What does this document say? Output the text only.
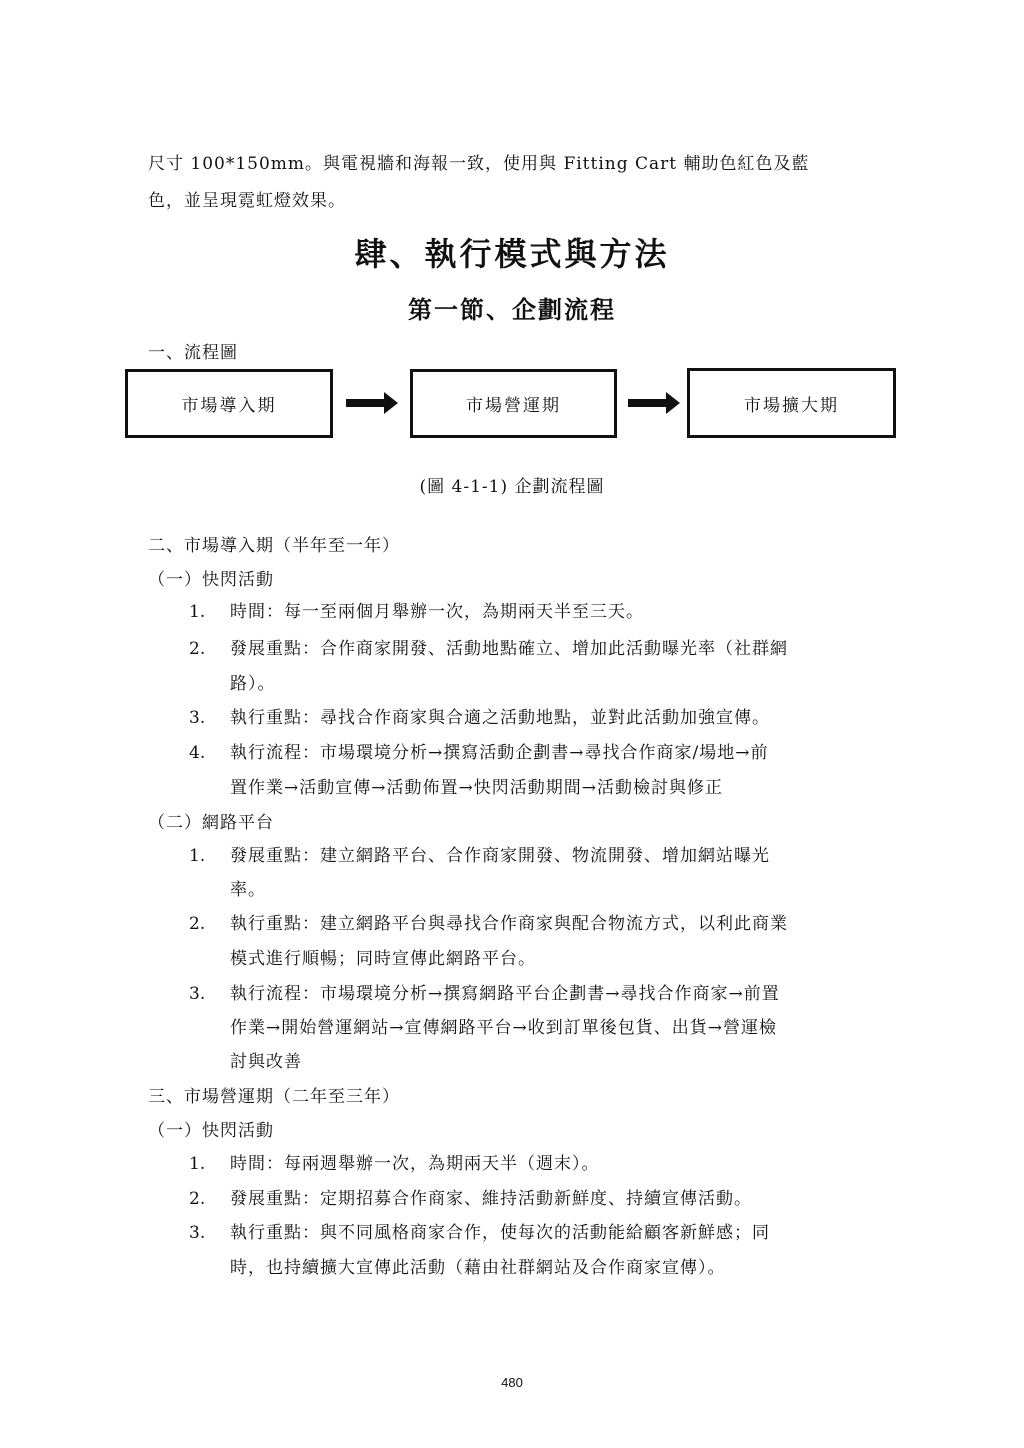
尺寸 100*150mm。與電視牆和海報一致，使用與 Fitting Cart 輔助色紅色及藍
色，並呈現霓虹燈效果。
肆、執行模式與方法
第一節、企劃流程
一、流程圖
市場導入期	市場營運期	市場擴大期
(圖 4-1-1) 企劃流程圖
二、市場導入期（半年至一年）
（一）快閃活動
1. 時間：每一至兩個月舉辦一次，為期兩天半至三天。
2. 發展重點：合作商家開發、活動地點確立、增加此活動曝光率（社群網
路）。
3. 執行重點：尋找合作商家與合適之活動地點，並對此活動加強宣傳。
4. 執行流程：市場環境分析→撰寫活動企劃書→尋找合作商家/場地→前
置作業→活動宣傳→活動佈置→快閃活動期間→活動檢討與修正
（二）網路平台
1. 發展重點：建立網路平台、合作商家開發、物流開發、增加網站曝光
率。
2. 執行重點：建立網路平台與尋找合作商家與配合物流方式，以利此商業
模式進行順暢；同時宣傳此網路平台。
3. 執行流程：市場環境分析→撰寫網路平台企劃書→尋找合作商家→前置
作業→開始營運網站→宣傳網路平台→收到訂單後包貨、出貨→營運檢
討與改善
三、市場營運期（二年至三年）
（一）快閃活動
1. 時間：每兩週舉辦一次，為期兩天半（週末）。
2. 發展重點：定期招募合作商家、維持活動新鮮度、持續宣傳活動。
3. 執行重點：與不同風格商家合作，使每次的活動能給顧客新鮮感；同
時，也持續擴大宣傳此活動（藉由社群網站及合作商家宣傳）。
480
